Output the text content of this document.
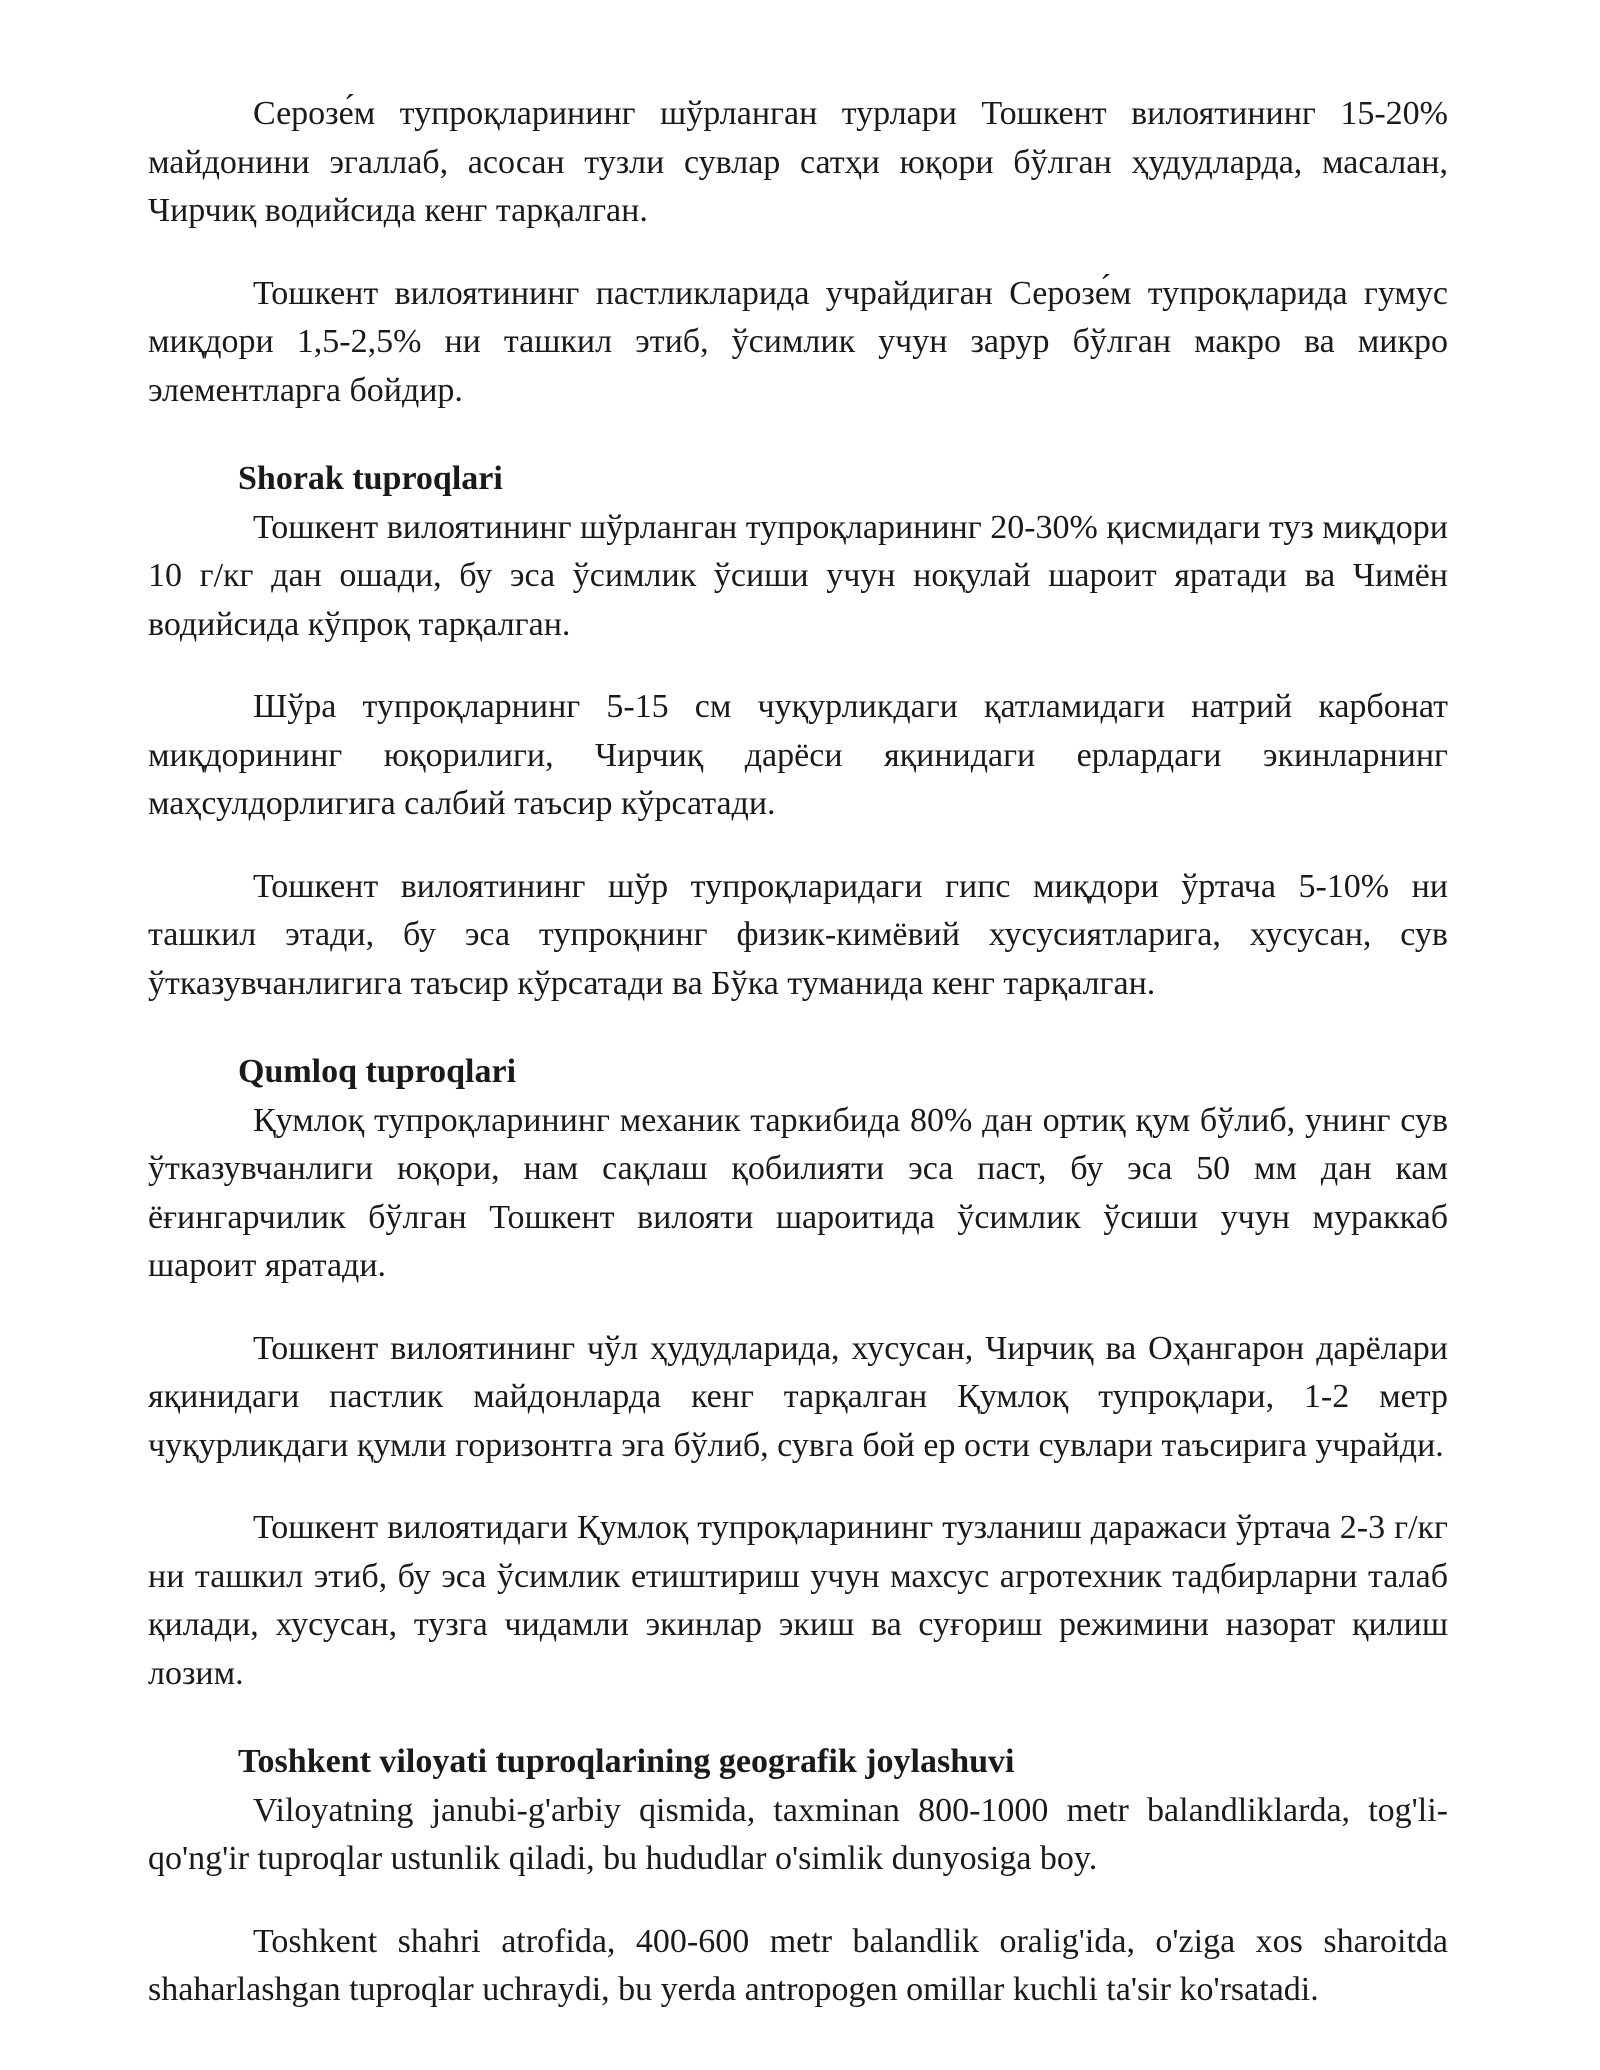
Серозе́м тупроқларининг шўрланган турлари Тошкент вилоятининг 15-20% майдонини эгаллаб, асосан тузли сувлар сатҳи юқори бўлган ҳудудларда, масалан, Чирчиқ водийсида кенг тарқалган.

Тошкент вилоятининг пастликларида учрайдиган Серозе́м тупроқларида гумус миқдори 1,5-2,5% ни ташкил этиб, ўсимлик учун зарур бўлган макро ва микро элементларга бойдир.

Shorak tuproqlari

Тошкент вилоятининг шўрланган тупроқларининг 20-30% қисмидаги туз миқдори 10 г/кг дан ошади, бу эса ўсимлик ўсиши учун ноқулай шароит яратади ва Чимён водийсида кўпроқ тарқалган.

Шўра тупроқларнинг 5-15 см чуқурликдаги қатламидаги натрий карбонат миқдорининг юқорилиги, Чирчиқ дарёси яқинидаги ерлардаги экинларнинг маҳсулдорлигига салбий таъсир кўрсатади.

Тошкент вилоятининг шўр тупроқларидаги гипс миқдори ўртача 5-10% ни ташкил этади, бу эса тупроқнинг физик-кимёвий хусусиятларига, хусусан, сув ўтказувчанлигига таъсир кўрсатади ва Бўка туманида кенг тарқалган.

Qumloq tuproqlari

Қумлоқ тупроқларининг механик таркибида 80% дан ортиқ қум бўлиб, унинг сув ўтказувчанлиги юқори, нам сақлаш қобилияти эса паст, бу эса 50 мм дан кам ёғингарчилик бўлган Тошкент вилояти шароитида ўсимлик ўсиши учун мураккаб шароит яратади.

Тошкент вилоятининг чўл ҳудудларида, хусусан, Чирчиқ ва Оҳангарон дарёлари яқинидаги пастлик майдонларда кенг тарқалган Қумлоқ тупроқлари, 1-2 метр чуқурликдаги қумли горизонтга эга бўлиб, сувга бой ер ости сувлари таъсирига учрайди.

Тошкент вилоятидаги Қумлоқ тупроқларининг тузланиш даражаси ўртача 2-3 г/кг ни ташкил этиб, бу эса ўсимлик етиштириш учун махсус агротехник тадбирларни талаб қилади, хусусан, тузга чидамли экинлар экиш ва суғориш режимини назорат қилиш лозим.

Toshkent viloyati tuproqlarining geografik joylashuvi

Viloyatning janubi-g'arbiy qismida, taxminan 800-1000 metr balandliklarda, tog'li-qo'ng'ir tuproqlar ustunlik qiladi, bu hududlar o'simlik dunyosiga boy.

Toshkent shahri atrofida, 400-600 metr balandlik oralig'ida, o'ziga xos sharoitda shaharlashgan tuproqlar uchraydi, bu yerda antropogen omillar kuchli ta'sir ko'rsatadi.
